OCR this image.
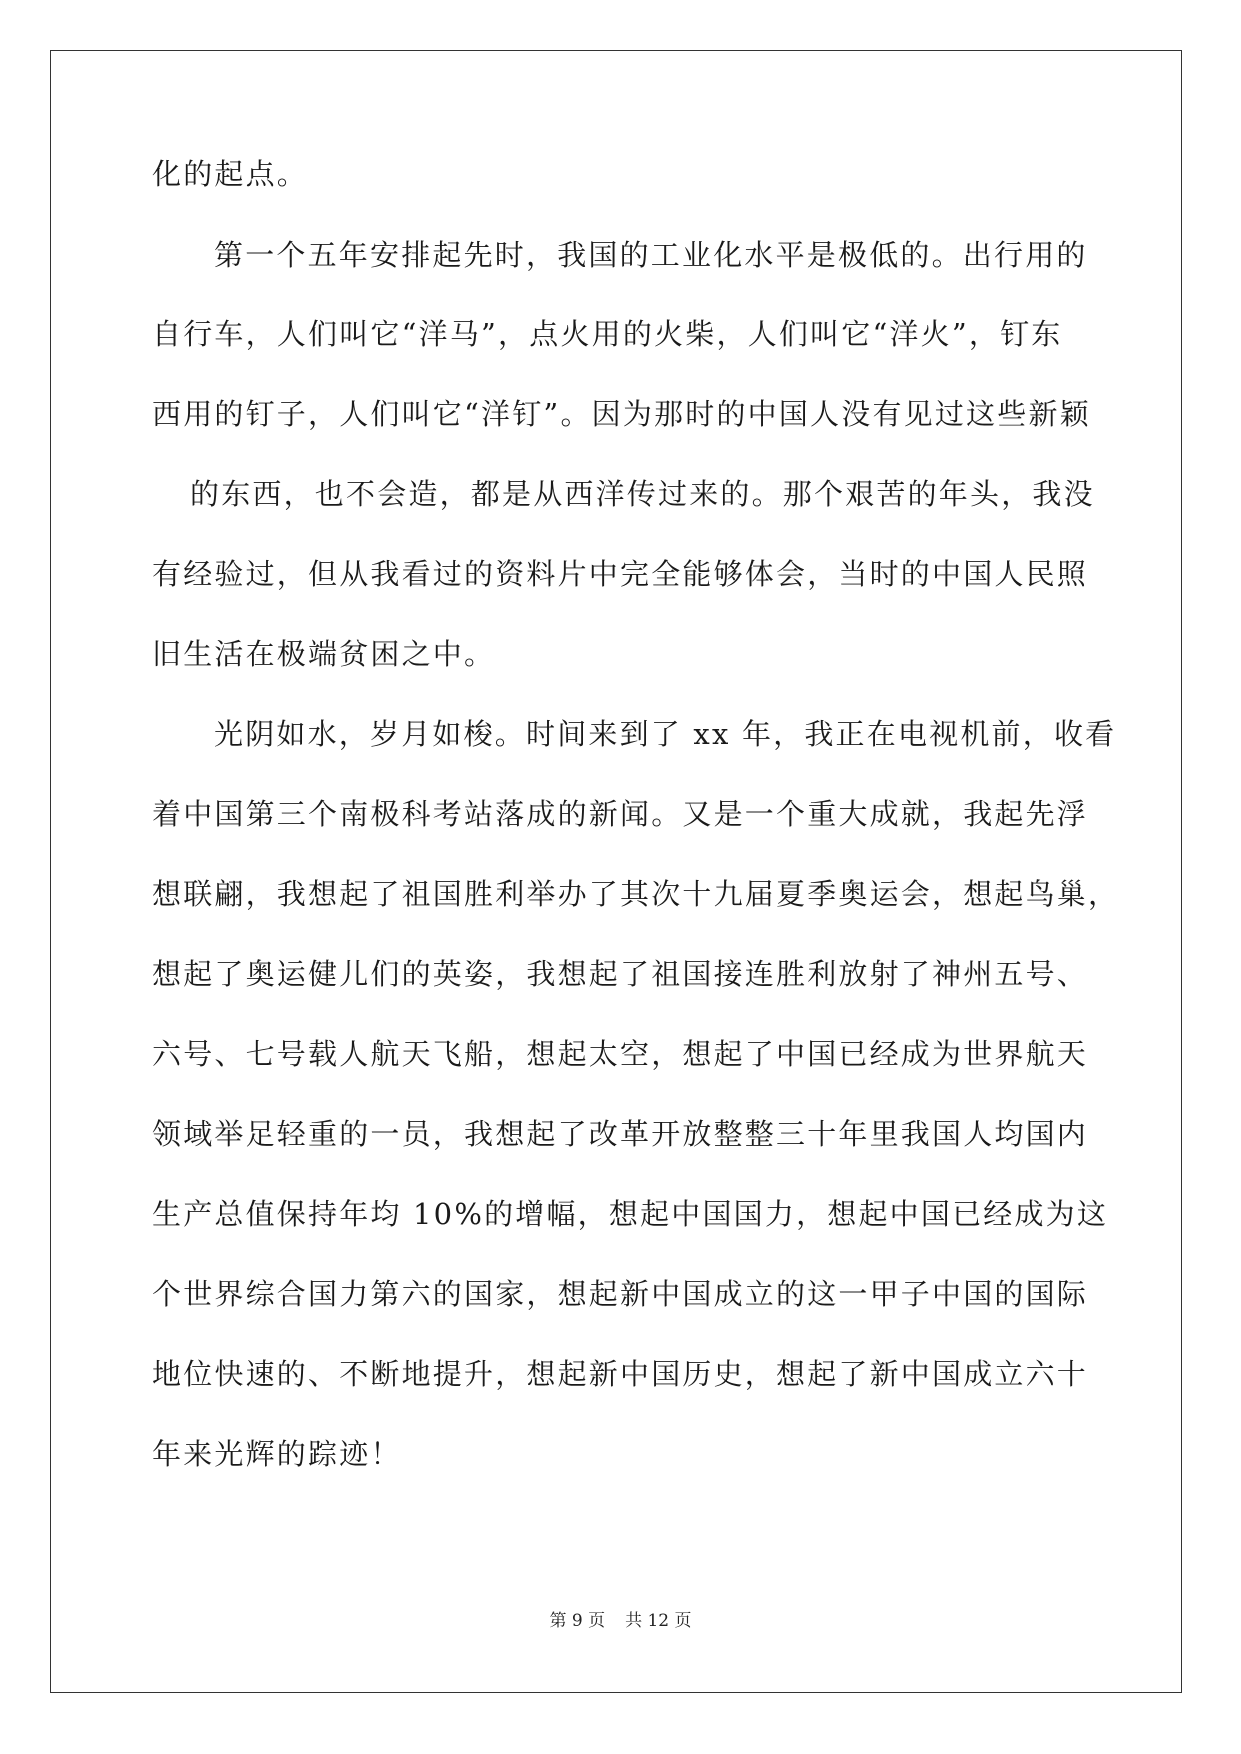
化的起点。
第一个五年安排起先时，我国的工业化水平是极低的。出行用的
自行车，人们叫它“洋马”，点火用的火柴，人们叫它“洋火”，钉东
西用的钉子，人们叫它“洋钉”。因为那时的中国人没有见过这些新颖
的东西，也不会造，都是从西洋传过来的。那个艰苦的年头，我没
有经验过，但从我看过的资料片中完全能够体会，当时的中国人民照
旧生活在极端贫困之中。
光阴如水，岁月如梭。时间来到了 xx 年，我正在电视机前，收看
着中国第三个南极科考站落成的新闻。又是一个重大成就，我起先浮
想联翩，我想起了祖国胜利举办了其次十九届夏季奥运会，想起鸟巢，
想起了奥运健儿们的英姿，我想起了祖国接连胜利放射了神州五号、
六号、七号载人航天飞船，想起太空，想起了中国已经成为世界航天
领域举足轻重的一员，我想起了改革开放整整三十年里我国人均国内
生产总值保持年均 10%的增幅，想起中国国力，想起中国已经成为这
个世界综合国力第六的国家，想起新中国成立的这一甲子中国的国际
地位快速的、不断地提升，想起新中国历史，想起了新中国成立六十
年来光辉的踪迹！
第 9 页 共 12 页
